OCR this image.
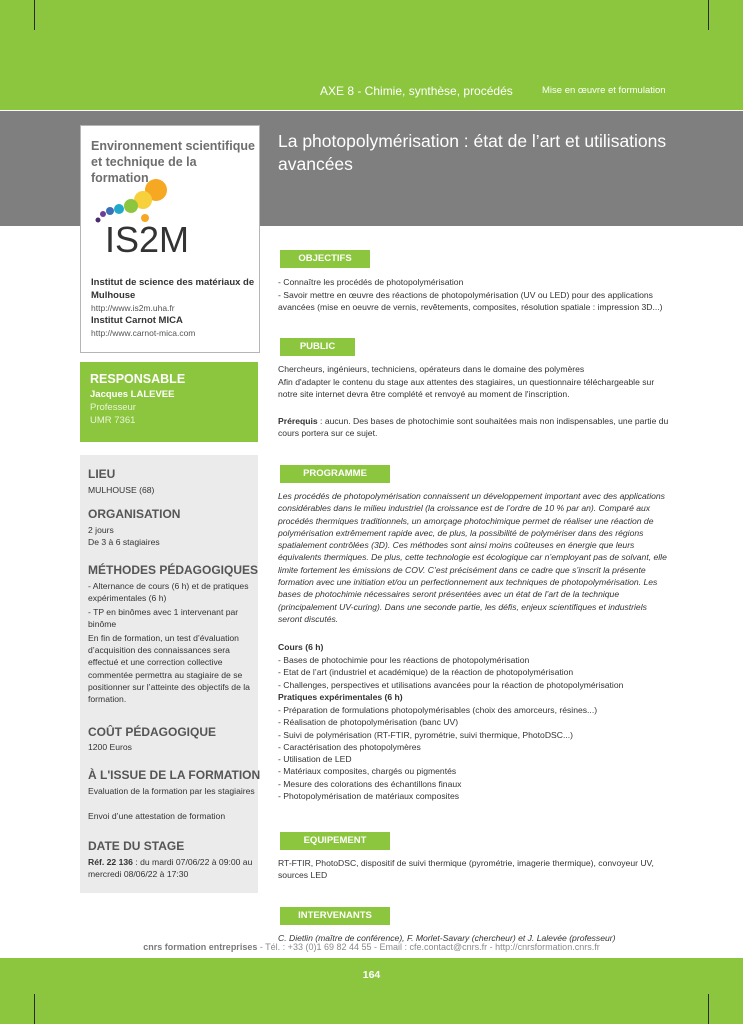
AXE 8 - Chimie, synthèse, procédés	Mise en œuvre et formulation
La photopolymérisation : état de l’art et utilisations avancées
Environnement scientifique et technique de la formation
IS2M
Institut de science des matériaux de Mulhouse
http://www.is2m.uha.fr
Institut Carnot MICA
http://www.carnot-mica.com
RESPONSABLE
Jacques LALEVEE
Professeur
UMR 7361
LIEU
MULHOUSE (68)
ORGANISATION
2 jours
De 3 à 6 stagiaires
MÉTHODES PÉDAGOGIQUES
- Alternance de cours (6 h) et de pratiques expérimentales (6 h)
- TP en binômes avec 1 intervenant par binôme
En fin de formation, un test d’évaluation d’acquisition des connaissances sera effectué et une correction collective commentée permettra au stagiaire de se positionner sur l’atteinte des objectifs de la formation.
COÛT PÉDAGOGIQUE
1200 Euros
À L'ISSUE DE LA FORMATION
Evaluation de la formation par les stagiaires
Envoi d’une attestation de formation
DATE DU STAGE
Réf. 22 136 : du mardi 07/06/22 à 09:00 au mercredi 08/06/22 à 17:30
OBJECTIFS
- Connaître les procédés de photopolymérisation
- Savoir mettre en œuvre des réactions de photopolymérisation (UV ou LED) pour des applications avancées (mise en oeuvre de vernis, revêtements, composites, résolution spatiale : impression 3D...)
PUBLIC
Chercheurs, ingénieurs, techniciens, opérateurs dans le domaine des polymères
Afin d'adapter le contenu du stage aux attentes des stagiaires, un questionnaire téléchargeable sur notre site internet devra être complété et renvoyé au moment de l'inscription.
Prérequis : aucun. Des bases de photochimie sont souhaitées mais non indispensables, une partie du cours portera sur ce sujet.
PROGRAMME
Les procédés de photopolymérisation connaissent un développement important avec des applications considérables dans le milieu industriel (la croissance est de l’ordre de 10 % par an). Comparé aux procédés thermiques traditionnels, un amorçage photochimique permet de réaliser une réaction de polymérisation extrêmement rapide avec, de plus, la possibilité de polymériser dans des régions spatialement contrôlées (3D). Ces méthodes sont ainsi moins coûteuses en énergie que leurs équivalents thermiques. De plus, cette technologie est écologique car n’employant pas de solvant, elle limite fortement les émissions de COV. C’est précisément dans ce cadre que s’inscrit la présente formation avec une initiation et/ou un perfectionnement aux techniques de photopolymérisation. Les bases de photochimie nécessaires seront présentées avec un état de l’art de la technique (principalement UV-curing). Dans une seconde partie, les défis, enjeux scientifiques et industriels seront discutés.
Cours (6 h)
- Bases de photochimie pour les réactions de photopolymérisation
- Etat de l’art (industriel et académique) de la réaction de photopolymérisation
- Challenges, perspectives et utilisations avancées pour la réaction de photopolymérisation
Pratiques expérimentales (6 h)
- Préparation de formulations photopolymérisables (choix des amorceurs, résines...)
- Réalisation de photopolymérisation (banc UV)
- Suivi de polymérisation (RT-FTIR, pyrométrie, suivi thermique, PhotoDSC...)
- Caractérisation des photopolymères
- Utilisation de LED
- Matériaux composites, chargés ou pigmentés
- Mesure des colorations des échantillons finaux
- Photopolymérisation de matériaux composites
EQUIPEMENT
RT-FTIR, PhotoDSC, dispositif de suivi thermique (pyrométrie, imagerie thermique), convoyeur UV, sources LED
INTERVENANTS
C. Dietlin (maître de conférence), F. Morlet-Savary (chercheur) et J. Lalevée (professeur)
cnrs formation entreprises - Tél. : +33 (0)1 69 82 44 55 - Email : cfe.contact@cnrs.fr - http://cnrsformation.cnrs.fr
164
